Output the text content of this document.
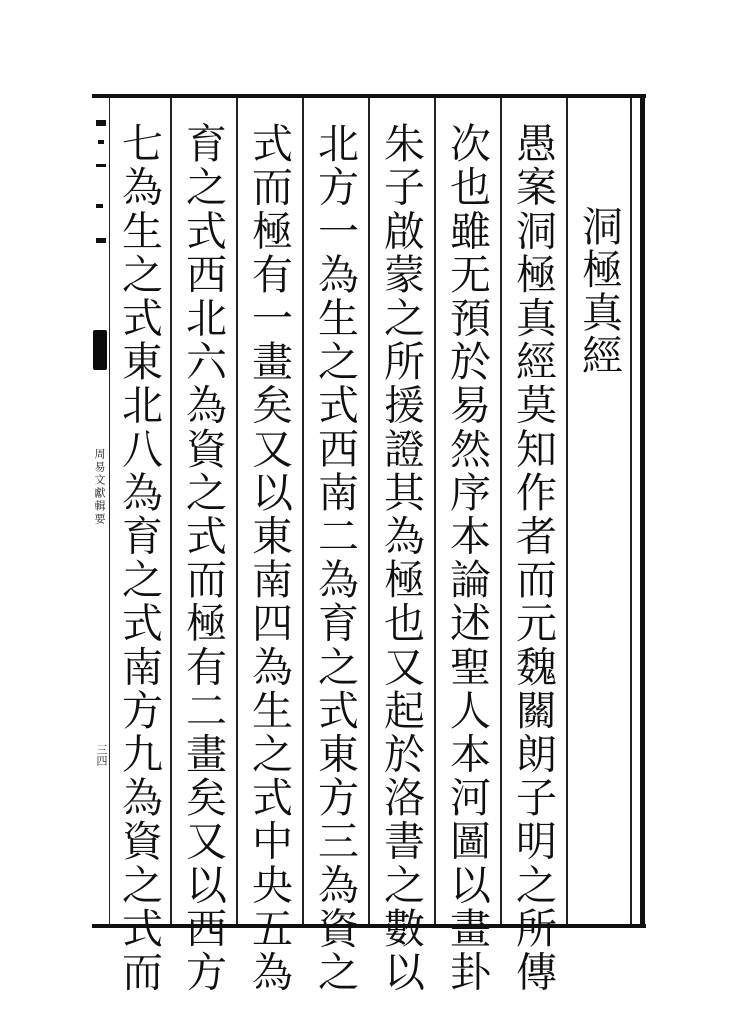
周易文獻輯要
三四
洞極真經
愚案洞極真經莫知作者而元魏關朗子明之所傳
次也雖无預於易然序本論述聖人本河圖以畫卦
朱子啟蒙之所援證其為極也又起於洛書之數以
北方一為生之式西南二為育之式東方三為資之
式而極有一畫矣又以東南四為生之式中央五為
育之式西北六為資之式而極有二畫矣又以西方
七為生之式東北八為育之式南方九為資之式而
